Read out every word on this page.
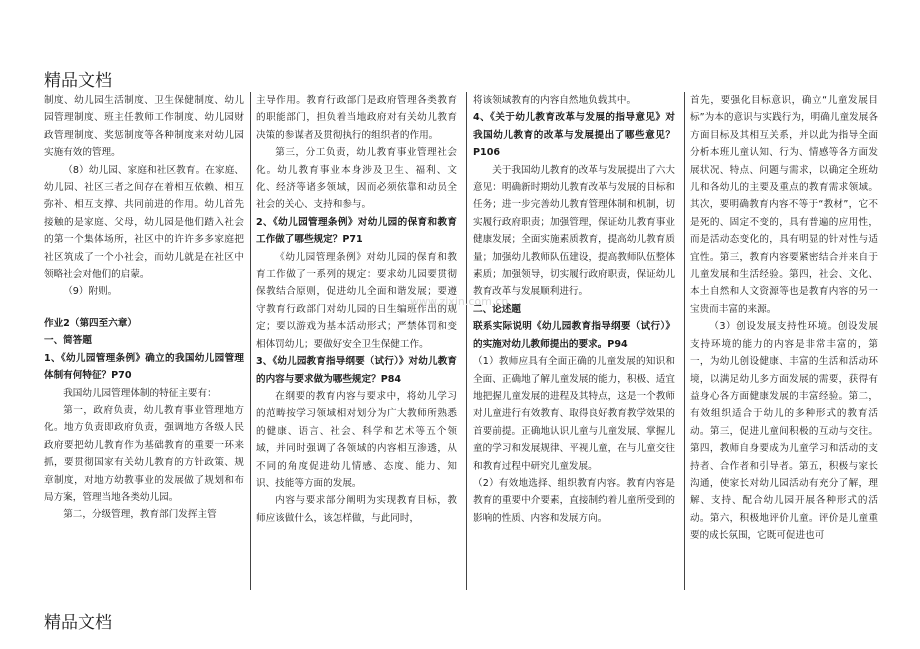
精品文档

制度、幼儿园生活制度、卫生保健制度、幼儿园管理制度、班主任教师工作制度、幼儿园财政管理制度、奖惩制度等各种制度来对幼儿园实施有效的管理。

（8）幼儿园、家庭和社区教育。在家庭、幼儿园、社区三者之间存在着相互依赖、相互弥补、相互支撑、共同前进的作用。幼儿首先接触的是家庭、父母，幼儿园是他们踏入社会的第一个集体场所，社区中的许许多多家庭把社区筑成了一个小社会，而幼儿就是在社区中领略社会对他们的启蒙。

（9）附则。

作业2（第四至六章）

一、简答题

1、《幼儿园管理条例》确立的我国幼儿园管理体制有何特征？P70

我国幼儿园管理体制的特征主要有：

第一，政府负责，幼儿教育事业管理地方化。地方负责即政府负责，强调地方各级人民政府要把幼儿教育作为基础教育的重要一环来抓，要贯彻国家有关幼儿教育的方针政策、规章制度，对地方幼教事业的发展做了规划和布局方案，管理当地各类幼儿园。

第二，分级管理，教育部门发挥主管

主导作用。教育行政部门是政府管理各类教育的职能部门，担负着当地政府对有关幼儿教育决策的参谋者及贯彻执行的组织者的作用。

第三，分工负责，幼儿教育事业管理社会化。幼儿教育事业本身涉及卫生、福利、文化、经济等诸多领域，因而必须依靠和动员全社会的关心、支持和参与。

2、《幼儿园管理条例》对幼儿园的保育和教育工作做了哪些规定？P71

《幼儿园管理条例》对幼儿园的保育和教育工作做了一系列的规定：要求幼儿园要贯彻保教结合原则，促进幼儿全面和谐发展；要遵守教育行政部门对幼儿园的日生编班作出的规定；要以游戏为基本活动形式；严禁体罚和变相体罚幼儿；要做好安全卫生保健工作。

3、《幼儿园教育指导纲要（试行）》对幼儿教育的内容与要求做为哪些规定？P84

在纲要的教育内容与要求中，将幼儿学习的范畴按学习领域相对划分为广大教师所熟悉的健康、语言、社会、科学和艺术等五个领域，并同时强调了各领域的内容相互渗透，从不同的角度促进幼儿情感、态度、能力、知识、技能等方面的发展。

内容与要求部分阐明为实现教育目标，教师应该做什么，该怎样做，与此同时，

将该领域教育的内容自然地负载其中。

4、《关于幼儿教育改革与发展的指导意见》对我国幼儿教育的改革与发展提出了哪些意见？P106

关于我国幼儿教育的改革与发展提出了六大意见：明确新时期幼儿教育改革与发展的目标和任务；进一步完善幼儿教育管理体制和机制，切实履行政府职责；加强管理，保证幼儿教育事业健康发展；全面实施素质教育，提高幼儿教育质量；加强幼儿教师队伍建设，提高教师队伍整体素质；加强领导，切实履行政府职责，保证幼儿教育改革与发展顺利进行。

二、论述题

联系实际说明《幼儿园教育指导纲要（试行）》的实施对幼儿教师提出的要求。P94

（1）教师应具有全面正确的儿童发展的知识和全面、正确地了解儿童发展的能力，积极、适宜地把握儿童发展的进程及其特点，这是一个教师对儿童进行有效教育、取得良好教育教学效果的首要前提。正确地认识儿童与儿童发展、掌握儿童的学习和发展规律、平视儿童，在与儿童交往和教育过程中研究儿童发展。

（2）有效地选择、组织教育内容。教育内容是教育的重要中介要素，直接制约着儿童所受到的影响的性质、内容和发展方向。

首先，要强化目标意识，确立“儿童发展目标”为本的意识与实践行为，明确儿童发展各方面目标及其相互关系，并以此为指导全面分析本班儿童认知、行为、情感等各方面发展状况、特点、问题与需求，以确定全班幼儿和各幼儿的主要及重点的教育需求领域。其次，要明确教育内容不等于“教材”，它不是死的、固定不变的，具有普遍的应用性，而是活动态变化的，具有明显的针对性与适宜性。第三，教育内容要紧密结合并来自于儿童发展和生活经验。第四，社会、文化、本土自然和人文资源等也是教育内容的另一宝贵而丰富的来源。

（3）创设发展支持性环境。创设发展支持环境的能力的内容是非常丰富的，第一，为幼儿创设健康、丰富的生活和活动环境，以满足幼儿多方面发展的需要，获得有益身心各方面健康发展的丰富经验。第二，有效组织适合于幼儿的多种形式的教育活动。第三，促进儿童间积极的互动与交往。第四，教师自身要成为儿童学习和活动的支持者、合作者和引导者。第五，积极与家长沟通，使家长对幼儿园活动有充分了解，理解、支持、配合幼儿园开展各种形式的活动。第六，积极地评价儿童。评价是儿童重要的成长氛围，它既可促进也可

www.zixin.com.cn
精品文档
